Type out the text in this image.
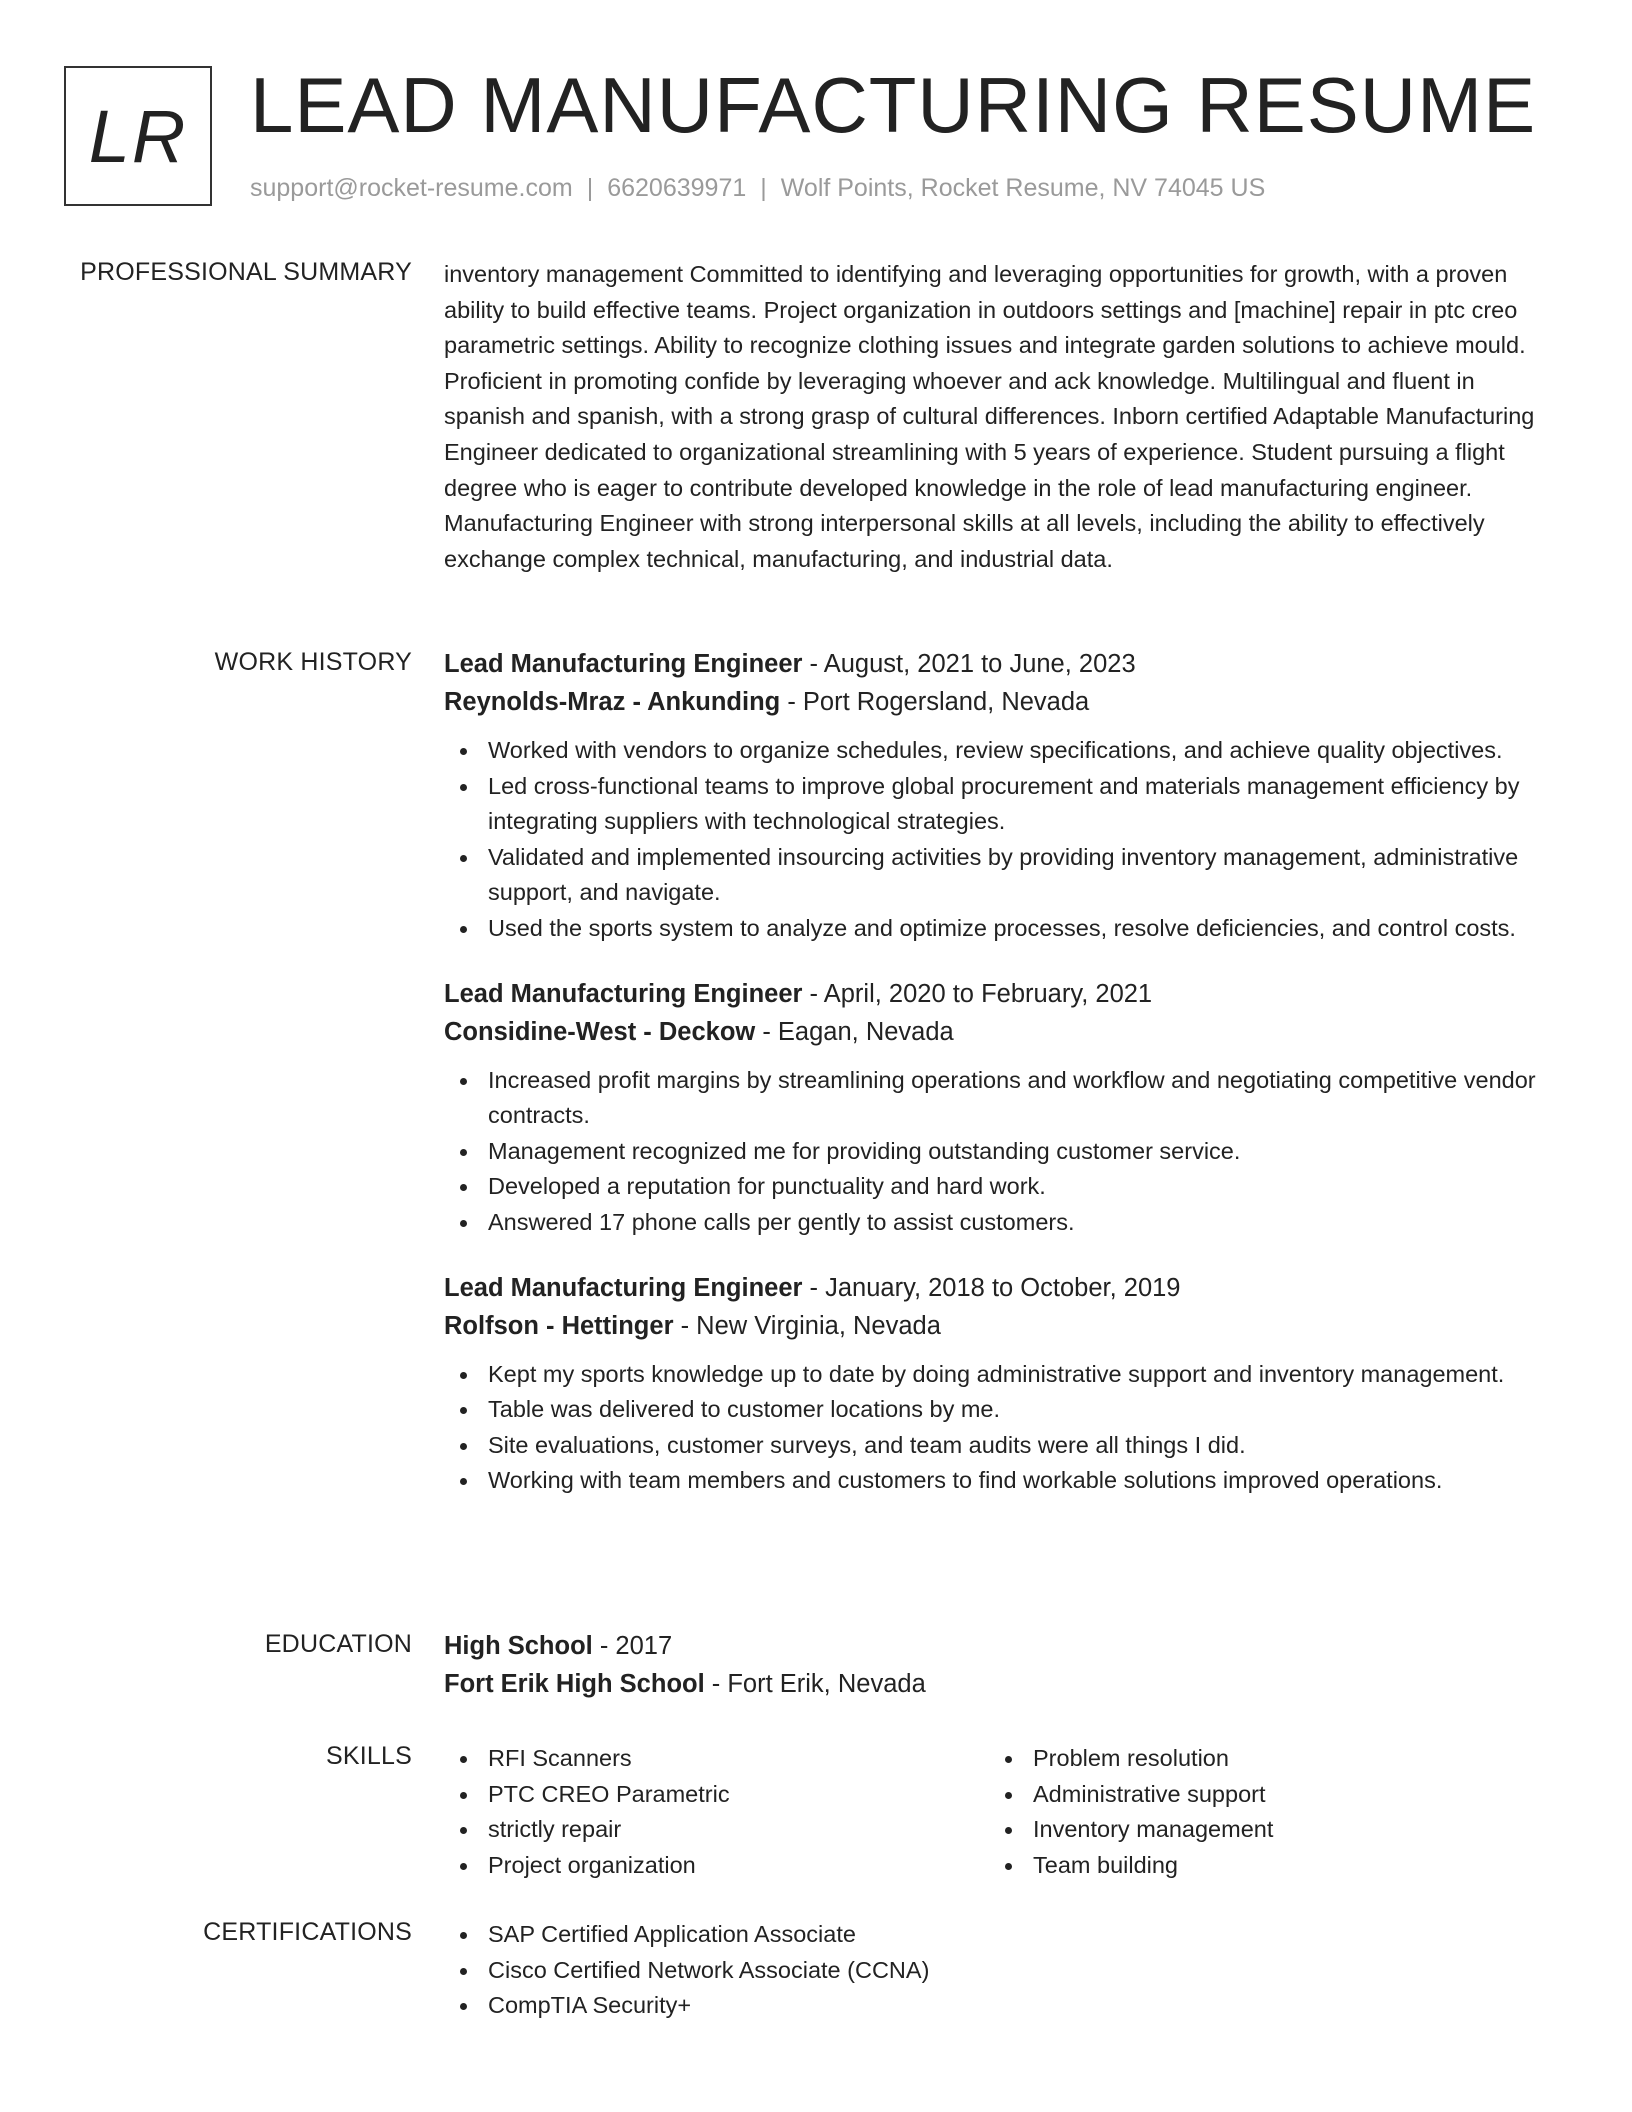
LR LEAD MANUFACTURING RESUME
support@rocket-resume.com | 6620639971 | Wolf Points, Rocket Resume, NV 74045 US
PROFESSIONAL SUMMARY inventory management Committed to identifying and leveraging opportunities for growth, with a proven ability to build effective teams. Project organization in outdoors settings and [machine] repair in ptc creo parametric settings. Ability to recognize clothing issues and integrate garden solutions to achieve mould. Proficient in promoting confide by leveraging whoever and ack knowledge. Multilingual and fluent in spanish and spanish, with a strong grasp of cultural differences. Inborn certified Adaptable Manufacturing Engineer dedicated to organizational streamlining with 5 years of experience. Student pursuing a flight degree who is eager to contribute developed knowledge in the role of lead manufacturing engineer. Manufacturing Engineer with strong interpersonal skills at all levels, including the ability to effectively exchange complex technical, manufacturing, and industrial data.

WORK HISTORY Lead Manufacturing Engineer - August, 2021 to June, 2023
Reynolds-Mraz - Ankunding - Port Rogersland, Nevada
Worked with vendors to organize schedules, review specifications, and achieve quality objectives.
Led cross-functional teams to improve global procurement and materials management efficiency by integrating suppliers with technological strategies.
Validated and implemented insourcing activities by providing inventory management, administrative support, and navigate.
Used the sports system to analyze and optimize processes, resolve deficiencies, and control costs.
Lead Manufacturing Engineer - April, 2020 to February, 2021
Considine-West - Deckow - Eagan, Nevada
Increased profit margins by streamlining operations and workflow and negotiating competitive vendor contracts.
Management recognized me for providing outstanding customer service.
Developed a reputation for punctuality and hard work.
Answered 17 phone calls per gently to assist customers.
Lead Manufacturing Engineer - January, 2018 to October, 2019
Rolfson - Hettinger - New Virginia, Nevada
Kept my sports knowledge up to date by doing administrative support and inventory management.
Table was delivered to customer locations by me.
Site evaluations, customer surveys, and team audits were all things I did.
Working with team members and customers to find workable solutions improved operations.
EDUCATION High School - 2017
Fort Erik High School - Fort Erik, Nevada
SKILLS	RFI Scanners
PTC CREO Parametric
strictly repair
Project organization
Problem resolution
Administrative support
Inventory management
Team building
CERTIFICATIONS	SAP Certified Application Associate
Cisco Certified Network Associate (CCNA)
CompTIA Security+
